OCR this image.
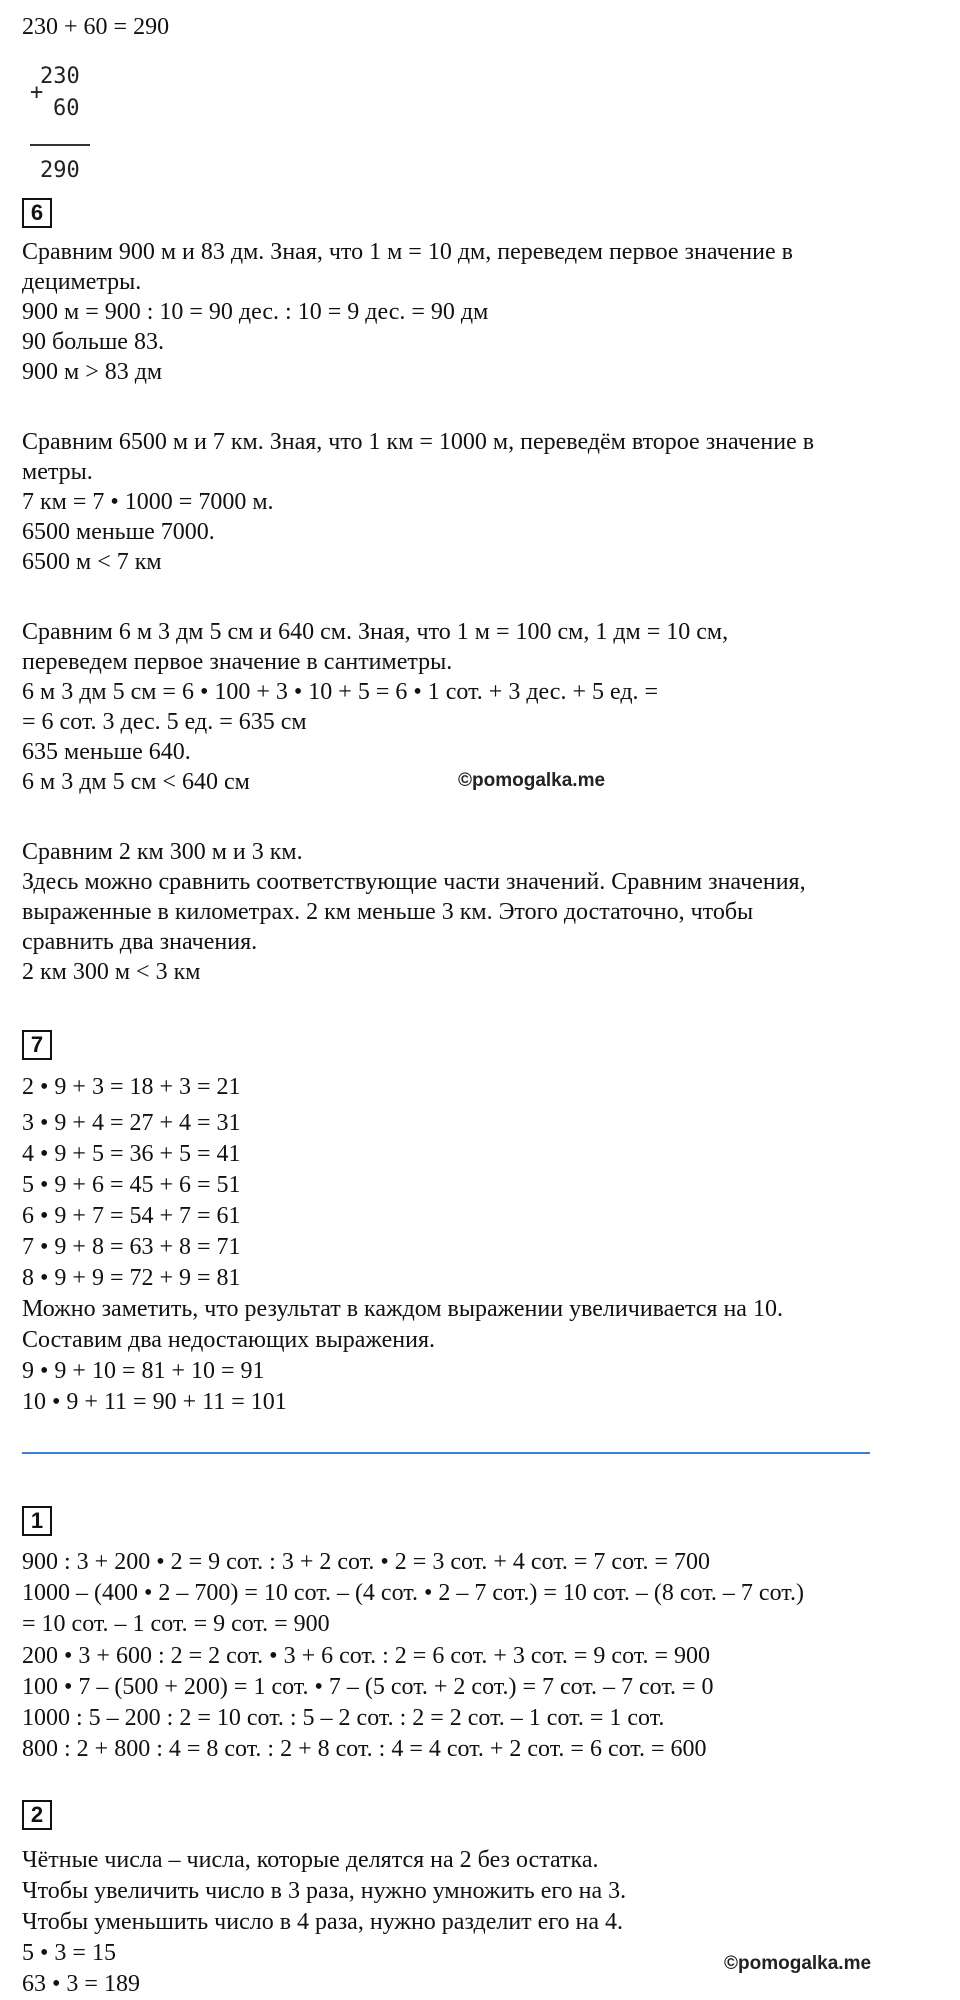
230 + 60 = 290
230
+
60
290
6
Сравним 900 м и 83 дм. Зная, что 1 м = 10 дм, переведем первое значение в
дециметры.
900 м = 900 : 10 = 90 дес. : 10 = 9 дес. = 90 дм
90 больше 83.
900 м > 83 дм
Сравним 6500 м и 7 км. Зная, что 1 км = 1000 м, переведём второе значение в
метры.
7 км = 7 • 1000 = 7000 м.
6500 меньше 7000.
6500 м < 7 км
Сравним 6 м 3 дм 5 см и 640 см. Зная, что 1 м = 100 см, 1 дм = 10 см,
переведем первое значение в сантиметры.
6 м 3 дм 5 см = 6 • 100 + 3 • 10 + 5 = 6 • 1 сот. + 3 дес. + 5 ед. =
= 6 сот. 3 дес. 5 ед. = 635 см
635 меньше 640.
6 м 3 дм 5 см < 640 см	©pomogalka.me
Сравним 2 км 300 м и 3 км.
Здесь можно сравнить соответствующие части значений. Сравним значения,
выраженные в километрах. 2 км меньше 3 км. Этого достаточно, чтобы
сравнить два значения.
2 км 300 м < 3 км
7
2 • 9 + 3 = 18 + 3 = 21
3 • 9 + 4 = 27 + 4 = 31
4 • 9 + 5 = 36 + 5 = 41
5 • 9 + 6 = 45 + 6 = 51
6 • 9 + 7 = 54 + 7 = 61
7 • 9 + 8 = 63 + 8 = 71
8 • 9 + 9 = 72 + 9 = 81
Можно заметить, что результат в каждом выражении увеличивается на 10.
Составим два недостающих выражения.
9 • 9 + 10 = 81 + 10 = 91
10 • 9 + 11 = 90 + 11 = 101
1
900 : 3 + 200 • 2 = 9 сот. : 3 + 2 сот. • 2 = 3 сот. + 4 сот. = 7 сот. = 700
1000 – (400 • 2 – 700) = 10 сот. – (4 сот. • 2 – 7 сот.) = 10 сот. – (8 сот. – 7 сот.)
= 10 сот. – 1 сот. = 9 сот. = 900
200 • 3 + 600 : 2 = 2 сот. • 3 + 6 сот. : 2 = 6 сот. + 3 сот. = 9 сот. = 900
100 • 7 – (500 + 200) = 1 сот. • 7 – (5 сот. + 2 сот.) = 7 сот. – 7 сот. = 0
1000 : 5 – 200 : 2 = 10 сот. : 5 – 2 сот. : 2 = 2 сот. – 1 сот. = 1 сот.
800 : 2 + 800 : 4 = 8 сот. : 2 + 8 сот. : 4 = 4 сот. + 2 сот. = 6 сот. = 600
2
Чётные числа – числа, которые делятся на 2 без остатка.
Чтобы увеличить число в 3 раза, нужно умножить его на 3.
Чтобы уменьшить число в 4 раза, нужно разделит его на 4.
5 • 3 = 15
63 • 3 = 189
©pomogalka.me
